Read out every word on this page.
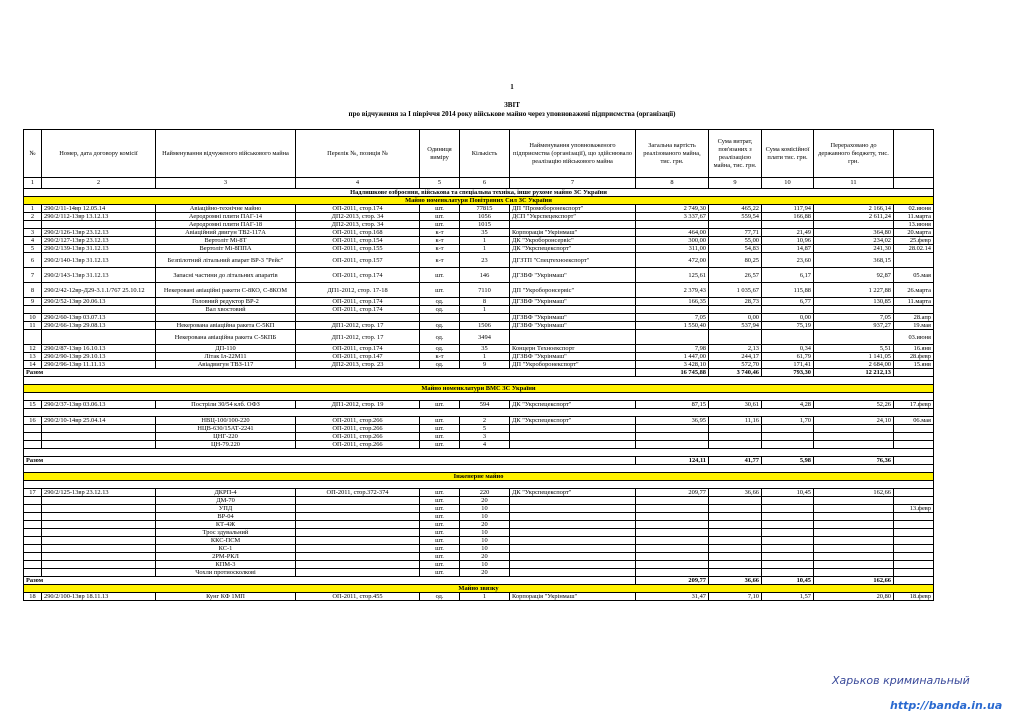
1
ЗВІТ
про відчуження за I півріччя 2014 року військове майно через уповноважені підприємства (організації)
№	Номер, дата договору комісії	Найменування відчуженого військового майна	Перелік №, позиція №	Одиниця виміру	Кількість	Найменування уповноваженого підприємства (організації), що здійснювало реалізацію військового майна	Загальна вартість реалізованого майна, тис. грн.	Сума витрат, пов'язаних з реалізацією майна, тис. грн.	Сума комісійної плати тис. грн.	Перераховано до державного бюджету, тис. грн.	
1	2	3	4	5	6	7	8	9	10	11	
Надлишкове озброєння, військова та спеціальна техніка, інше рухоме майно ЗС України											
Майно номенклатури Повітряних Сил ЗС України											
1	290/2/11-14вр 12.05.14	Авіаційно-технічне майно	ОП-2011, стор.174	шт.	77815	ДП "Промоборонекспорт"	2 749,30	465,22	117,94	2 166,14	02.июня
2	290/2/112-13вр 13.12.13	Аеродромні плити ПАГ-14	ДП2-2013, стор. 34	шт.	1056	ДСП "Укрспецекспорт"	3 337,67	559,54	166,88	2 611,24	11.марта
		Аеродромні плити ПАГ-18	ДП2-2013, стор. 34	шт.	1015						13.июня
3	290/2/126-13вр 23.12.13	Авіаційний двигун ТВ2-117А	ОП-2011, стор.168	к-т	35	Корпорація "Укрінмаш"	464,00	77,71	21,49	364,80	20.марта
4	290/2/127-13вр 23.12.13	Вертоліт Мі-8Т	ОП-2011, стор.154	к-т	1	ДК "Укроборонсервіс"	300,00	55,00	10,96	234,02	25.февр
5	290/2/139-13вр 31.12.13	Вертоліт Мі-8ППА	ОП-2011, стор.155	к-т	1	ДК "Укрспецекспорт"	311,00	54,83	14,87	241,30	28.02.14
6	290/2/140-13вр 31.12.13	Безпілотний літальний апарат ВР-3 "Рейс"	ОП-2011, стор.157	к-т	23	ДГЗТП "Спецтехноекспорт"	472,00	80,25	23,60	368,15	
7	290/2/143-13вр 31.12.13	Запасні частини до літальних апаратів	ОП-2011, стор.174	шт.	146	ДГЗВФ "Укрінмаш"	125,61	26,57	6,17	92,87	05.мая
8	290/2/42-12вр-Д29-3.1.1/767 25.10.12	Некеровані авіаційні ракети С-8КО, С-8КОМ	ДП1-2012, стор. 17-18	шт.	7110	ДП "Укроборонсервіс"	2 379,43	1 035,67	115,88	1 227,88	26.марта
9	290/2/52-13вр 20.06.13	Головний редуктор ВР-2	ОП-2011, стор.174	од.	8	ДГЗВФ "Укрінмаш"	166,35	28,73	6,77	130,85	11.марта
		Вал хвостовий	ОП-2011, стор.174	од.	1						
10	290/2/60-13вр 03.07.13					ДГЗВФ "Укрінмаш"	7,05	0,00	0,00	7,05	28.апр
11	290/2/66-13вр 29.08.13	Некерована авіаційна ракета С-5КП	ДП1-2012, стор. 17	од.	1506	ДГЗВФ "Укрінмаш"	1 550,40	537,94	75,19	937,27	19.мая
		Некерована авіаційна ракета С-5КПБ	ДП1-2012, стор. 17	од.	3494						03.июня
12	290/2/87-13вр 16.10.13	ДП-110	ОП-2011, стор.174	од.	35	Концерн Техноекспорт	7,98	2,13	0,34	5,51	16.янв
13	290/2/90-13вр 29.10.13	Літак Іл-22М11	ОП-2011, стор.147	к-т	1	ДГЗВФ "Укрінмаш"	1 447,00	244,17	61,79	1 141,05	28.февр
14	290/2/96-13вр 11.11.13	Авіадвигун ТВЗ-117	ДП2-2013, стор. 23	од.	9	ДП "Укроборонекспорт"	3 428,10	572,70	171,41	2 684,00	15.янв
Разом							16 745,88	3 740,46	793,30	12 212,13	

Майно номенклатури ВМС ЗС України											

15	290/2/37-13вр 03.06.13	Постріли 30/54 клб. ОФЗ	ДП1-2012, стор. 19	шт.	594	ДК "Укрспецекспорт"	87,15	30,61	4,28	52,26	17.февр

16	290/2/10-14вр 25.04.14	НВЦ-100/100-220	ОП-2011, стор.266	шт.	2	ДК "Укрспецекспорт"	36,95	11,16	1,70	24,10	06.мая
		НЦВ-630/15АТ-2241	ОП-2011, стор.266	шт.	5						
		ЦНГ-220	ОП-2011, стор.266	шт.	3						
		ЦН-79.220	ОП-2011, стор.266	шт.	4						

Разом							124,11	41,77	5,98	76,36	

Інженерне майно											

17	290/2/125-13вр 23.12.13	ДКРП-4	ОП-2011, стор.372-374	шт.	220	ДК "Укрспецекспорт"	209,77	36,66	10,45	162,66	
		ДМ-70		шт.	20						
		УПД		шт.	10						13.февр
		ВР-04		шт.	10						
		КТ-4Ж		шт.	20						
		Трос здувальний		шт.	10						
		ККС-ПСМ		шт.	10						
		КС-1		шт.	10						
		2РМ-РКЛ		шт.	20						
		КПМ-3		шт.	10						
		Чохли протиосколкові		шт.	20						
Разом							209,77	36,66	10,45	162,66	
Майно звязку											
18	290/2/100-13вр 18.11.13	Кунг КФ 1МП	ОП-2011, стор.455	од.	1	Корпорація "Укрінмаш"	31,47	7,10	1,57	20,80	18.февр
Харьков криминальный
http://banda.in.ua
